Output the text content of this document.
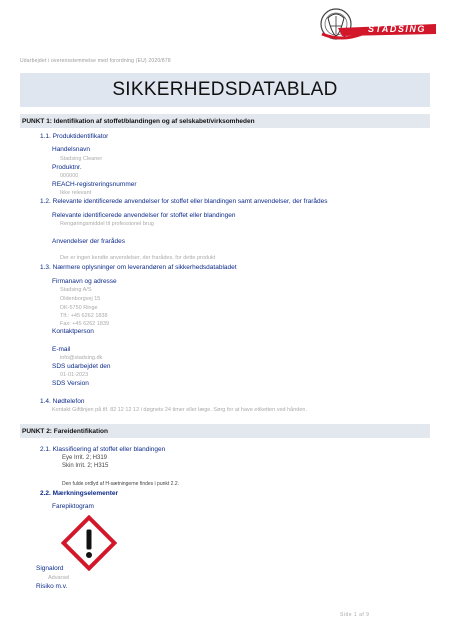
STADSING
Udarbejdet i overensstemmelse med forordning (EU) 2020/878
SIKKERHEDSDATABLAD
PUNKT 1: Identifikation af stoffet/blandingen og af selskabet/virksomheden
1.1. Produktidentifikator
Handelsnavn
Stadsing Cleaner
Produktnr.
000000
REACH-registreringsnummer
Ikke relevant
1.2. Relevante identificerede anvendelser for stoffet eller blandingen samt anvendelser, der frarådes
Relevante identificerede anvendelser for stoffet eller blandingen
Rengøringsmiddel til professionel brug
Anvendelser der frarådes
Der er ingen kendte anvendelser, der frarådes, for dette produkt
1.3. Nærmere oplysninger om leverandøren af sikkerhedsdatabladet
Firmanavn og adresse
Stadsing A/S
Oldenborgvej 15
DK-5750 Ringe
Tlf.: +45 6262 1838
Fax: +45 6262 1839
Kontaktperson
E-mail
info@stadsing.dk
SDS udarbejdet den
01-01-2023
SDS Version
1.4. Nødtelefon
Kontakt Giftlinjen på tlf. 82 12 12 12 i døgnets 24 timer eller læge. Sørg for at have etiketten ved hånden.
PUNKT 2: Fareidentifikation
2.1. Klassificering af stoffet eller blandingen
Eye Irrit. 2; H319
Skin Irrit. 2; H315
Den fulde ordlyd af H-sætningerne findes i punkt 2.2.
2.2. Mærkningselementer
Farepiktogram
Signalord
Advarsel
Risiko m.v.
Side 1 af 9
